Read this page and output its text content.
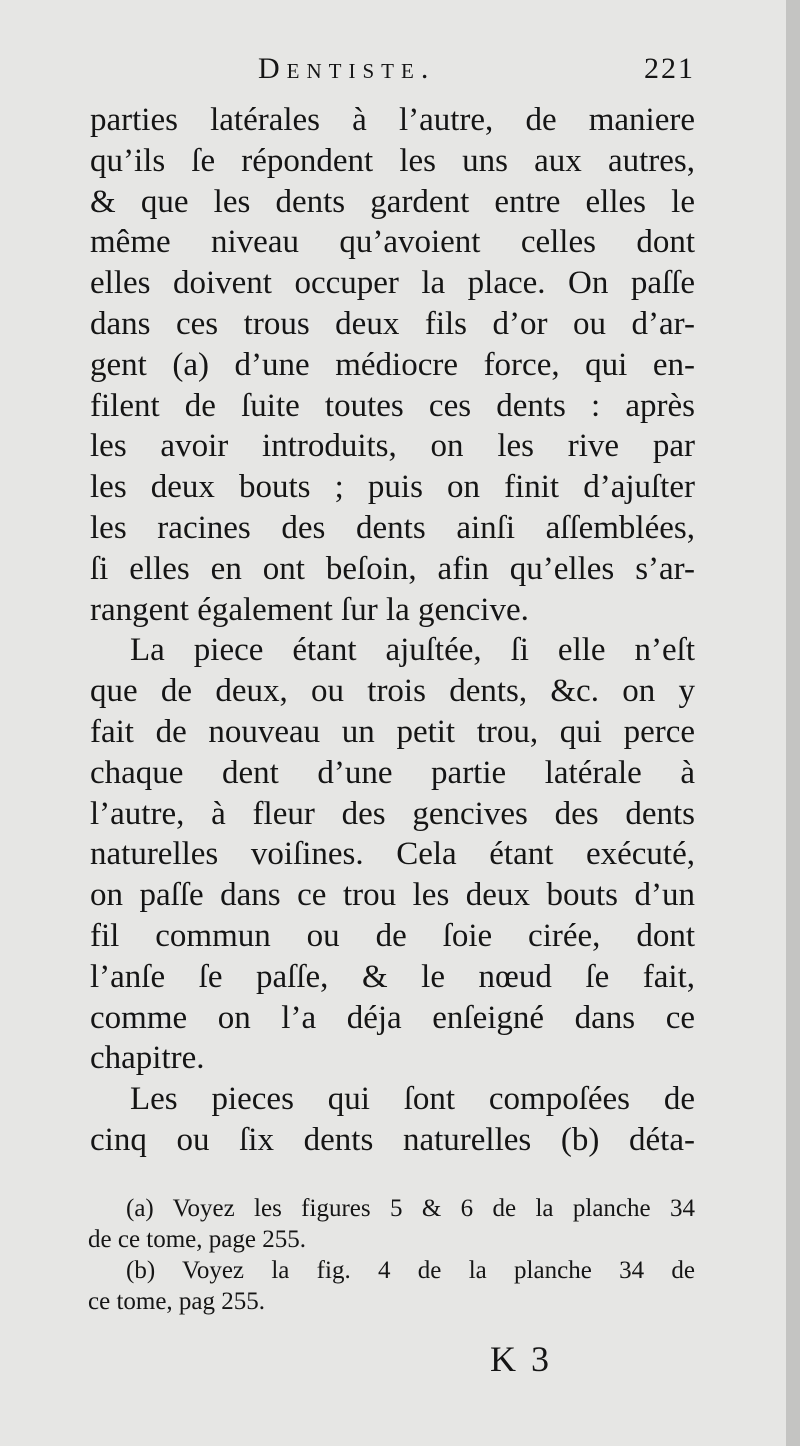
Dentiste.	221
parties latérales à l’autre, de maniere
qu’ils ſe répondent les uns aux autres,
& que les dents gardent entre elles le
même niveau qu’avoient celles dont
elles doivent occuper la place. On paſſe
dans ces trous deux fils d’or ou d’ar-
gent (a) d’une médiocre force, qui en-
filent de ſuite toutes ces dents : après
les avoir introduits, on les rive par
les deux bouts ; puis on finit d’ajuſter
les racines des dents ainſi aſſemblées,
ſi elles en ont beſoin, afin qu’elles s’ar-
rangent également ſur la gencive.
La piece étant ajuſtée, ſi elle n’eſt
que de deux, ou trois dents, &c. on y
fait de nouveau un petit trou, qui perce
chaque dent d’une partie latérale à
l’autre, à fleur des gencives des dents
naturelles voiſines. Cela étant exécuté,
on paſſe dans ce trou les deux bouts d’un
fil commun ou de ſoie cirée, dont
l’anſe ſe paſſe, & le nœud ſe fait,
comme on l’a déja enſeigné dans ce
chapitre.
Les pieces qui ſont compoſées de
cinq ou ſix dents naturelles (b) déta-
(a) Voyez les figures 5 & 6 de la planche 34
de ce tome, page 255.
(b) Voyez la fig. 4 de la planche 34 de
ce tome, pag 255.
K 3
